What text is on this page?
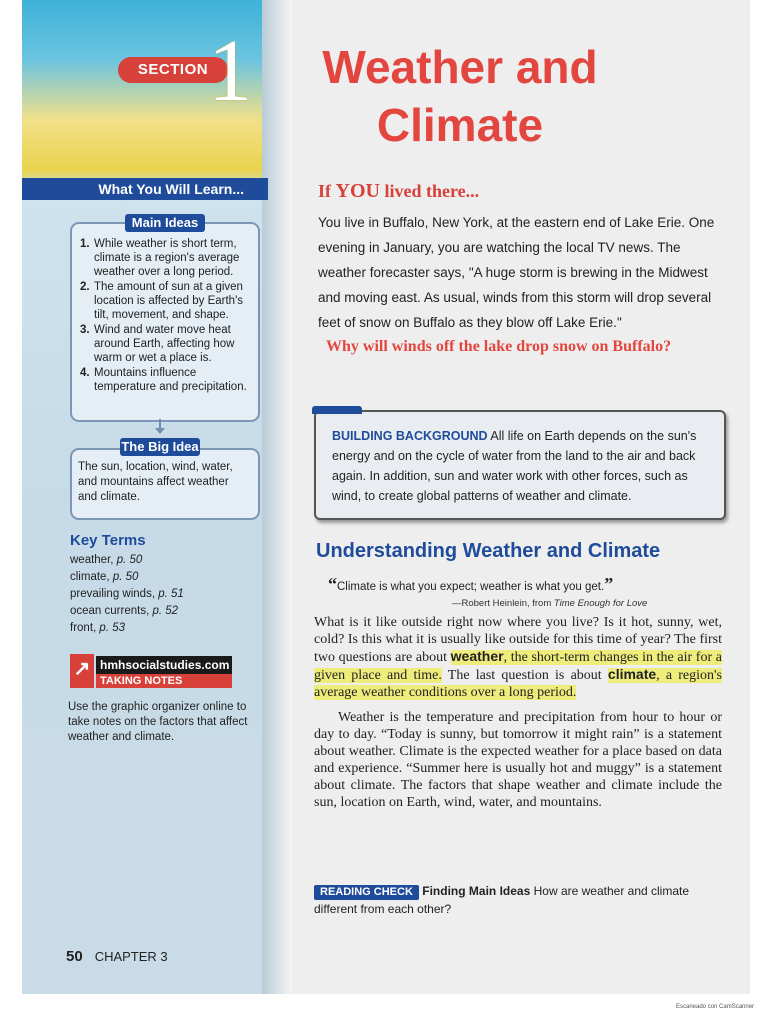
SECTION 1
What You Will Learn...
Main Ideas
1. While weather is short term, climate is a region's average weather over a long period.
2. The amount of sun at a given location is affected by Earth's tilt, movement, and shape.
3. Wind and water move heat around Earth, affecting how warm or wet a place is.
4. Mountains influence temperature and precipitation.
The Big Idea
The sun, location, wind, water, and mountains affect weather and climate.
Key Terms
weather, p. 50
climate, p. 50
prevailing winds, p. 51
ocean currents, p. 52
front, p. 53
↗ hmhsocialstudies.com
TAKING NOTES
Use the graphic organizer online to take notes on the factors that affect weather and climate.
50 CHAPTER 3
Weather and
Climate
If YOU lived there...
You live in Buffalo, New York, at the eastern end of Lake Erie. One evening in January, you are watching the local TV news. The weather forecaster says, "A huge storm is brewing in the Midwest and moving east. As usual, winds from this storm will drop several feet of snow on Buffalo as they blow off Lake Erie."
Why will winds off the lake drop snow on Buffalo?
BUILDING BACKGROUND All life on Earth depends on the sun's energy and on the cycle of water from the land to the air and back again. In addition, sun and water work with other forces, such as wind, to create global patterns of weather and climate.
Understanding Weather and Climate
“Climate is what you expect; weather is what you get.”
—Robert Heinlein, from Time Enough for Love

What is it like outside right now where you live? Is it hot, sunny, wet, cold? Is this what it is usually like outside for this time of year? The first two questions are about weather, the short-term changes in the air for a given place and time. The last question is about climate, a region's average weather conditions over a long period.

Weather is the temperature and precipitation from hour to hour or day to day. “Today is sunny, but tomorrow it might rain” is a statement about weather. Climate is the expected weather for a place based on data and experience. “Summer here is usually hot and muggy” is a statement about climate. The factors that shape weather and climate include the sun, location on Earth, wind, water, and mountains.

READING CHECK Finding Main Ideas How are weather and climate different from each other?
Escaneado con CamScanner
